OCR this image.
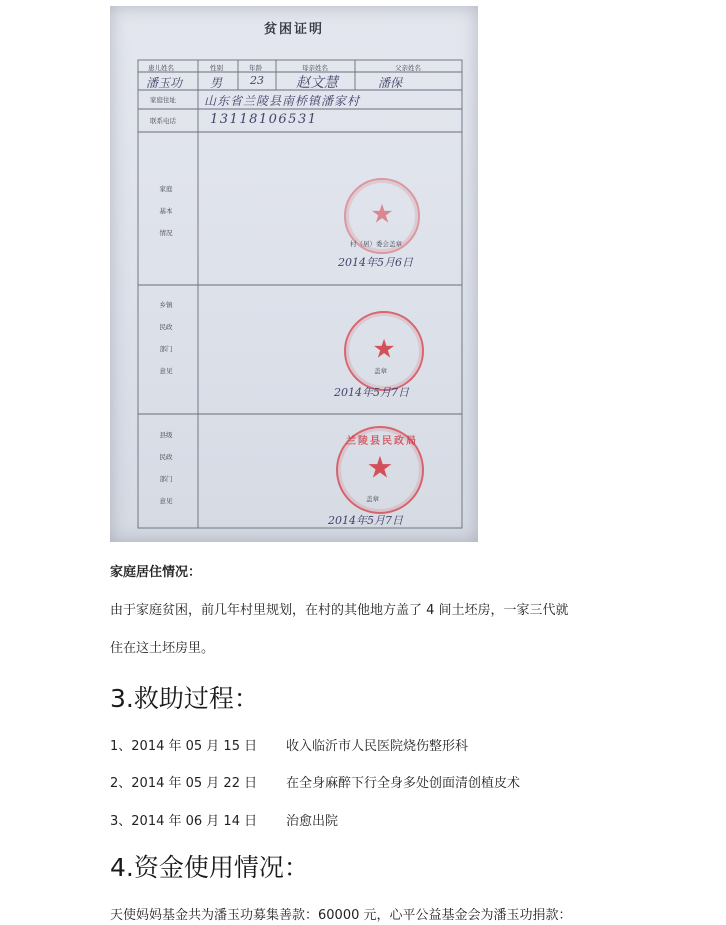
贫困证明
患儿姓名	性别	年龄	母亲姓名	父亲姓名
潘玉功 男	23 赵文慧	潘保
家庭住址 山东省兰陵县南桥镇潘家村
联系电话	13118106531
家庭
基本
情况
★
村（居）委会盖章
2014年5月6日
乡镇
民政
部门
意见
★
盖章
2014年5月7日
县级
民政
部门
意见
★
兰陵县民政局
盖章
2014年5月7日
家庭居住情况：
由于家庭贫困，前几年村里规划，在村的其他地方盖了 4 间土坯房，一家三代就
住在这土坯房里。
3.救助过程：
1、2014 年 05 月 15 日 收入临沂市人民医院烧伤整形科
2、2014 年 05 月 22 日 在全身麻醉下行全身多处创面清创植皮术
3、2014 年 06 月 14 日 治愈出院
4.资金使用情况：
天使妈妈基金共为潘玉功募集善款：60000 元，心平公益基金会为潘玉功捐款：
